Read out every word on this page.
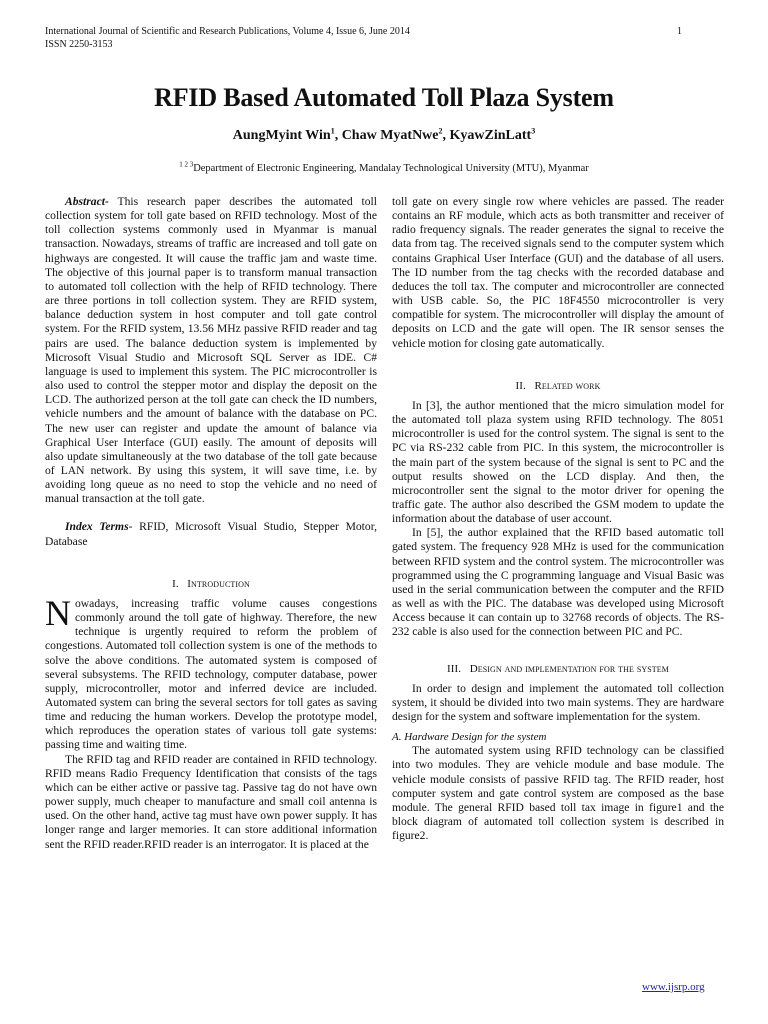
International Journal of Scientific and Research Publications, Volume 4, Issue 6, June 2014
ISSN 2250-3153
1
RFID Based Automated Toll Plaza System
AungMyint Win$^1$, Chaw MyatNwe$^2$, KyawZinLatt$^3$
$^{1 2 3}$Department of Electronic Engineering, Mandalay Technological University (MTU), Myanmar

Abstract- This research paper describes the automated toll collection system for toll gate based on RFID technology. Most of the toll collection systems commonly used in Myanmar is manual transaction. Nowadays, streams of traffic are increased and toll gate on highways are congested. It will cause the traffic jam and waste time. The objective of this journal paper is to transform manual transaction to automated toll collection with the help of RFID technology. There are three portions in toll collection system. They are RFID system, balance deduction system in host computer and toll gate control system. For the RFID system, 13.56 MHz passive RFID reader and tag pairs are used. The balance deduction system is implemented by Microsoft Visual Studio and Microsoft SQL Server as IDE. C# language is used to implement this system. The PIC microcontroller is also used to control the stepper motor and display the deposit on the LCD. The authorized person at the toll gate can check the ID numbers, vehicle numbers and the amount of balance with the database on PC. The new user can register and update the amount of balance via Graphical User Interface (GUI) easily. The amount of deposits will also update simultaneously at the two database of the toll gate because of LAN network. By using this system, it will save time, i.e. by avoiding long queue as no need to stop the vehicle and no need of manual transaction at the toll gate.

Index Terms- RFID, Microsoft Visual Studio, Stepper Motor, Database

I. Introduction

Nowadays, increasing traffic volume causes congestions commonly around the toll gate of highway. Therefore, the new technique is urgently required to reform the problem of congestions. Automated toll collection system is one of the methods to solve the above conditions. The automated system is composed of several subsystems. The RFID technology, computer database, power supply, microcontroller, motor and inferred device are included. Automated system can bring the several sectors for toll gates as saving time and reducing the human workers. Develop the prototype model, which reproduces the operation states of various toll gate systems: passing time and waiting time.

The RFID tag and RFID reader are contained in RFID technology. RFID means Radio Frequency Identification that consists of the tags which can be either active or passive tag. Passive tag do not have own power supply, much cheaper to manufacture and small coil antenna is used. On the other hand, active tag must have own power supply. It has longer range and larger memories. It can store additional information sent the RFID reader.RFID reader is an interrogator. It is placed at the

toll gate on every single row where vehicles are passed. The reader contains an RF module, which acts as both transmitter and receiver of radio frequency signals. The reader generates the signal to receive the data from tag. The received signals send to the computer system which contains Graphical User Interface (GUI) and the database of all users. The ID number from the tag checks with the recorded database and deduces the toll tax. The computer and microcontroller are connected with USB cable. So, the PIC 18F4550 microcontroller is very compatible for system. The microcontroller will display the amount of deposits on LCD and the gate will open. The IR sensor senses the vehicle motion for closing gate automatically.

II. Related work

In [3], the author mentioned that the micro simulation model for the automated toll plaza system using RFID technology. The 8051 microcontroller is used for the control system. The signal is sent to the PC via RS-232 cable from PIC. In this system, the microcontroller is the main part of the system because of the signal is sent to PC and the output results showed on the LCD display. And then, the microcontroller sent the signal to the motor driver for opening the traffic gate. The author also described the GSM modem to update the information about the database of user account.

In [5], the author explained that the RFID based automatic toll gated system. The frequency 928 MHz is used for the communication between RFID system and the control system. The microcontroller was programmed using the C programming language and Visual Basic was used in the serial communication between the computer and the RFID as well as with the PIC. The database was developed using Microsoft Access because it can contain up to 32768 records of objects. The RS-232 cable is also used for the connection between PIC and PC.

III. Design and implementation for the system

In order to design and implement the automated toll collection system, it should be divided into two main systems. They are hardware design for the system and software implementation for the system.

A. Hardware Design for the system

The automated system using RFID technology can be classified into two modules. They are vehicle module and base module. The vehicle module consists of passive RFID tag. The RFID reader, host computer system and gate control system are composed as the base module. The general RFID based toll tax image in figure1 and the block diagram of automated toll collection system is described in figure2.

www.ijsrp.org
